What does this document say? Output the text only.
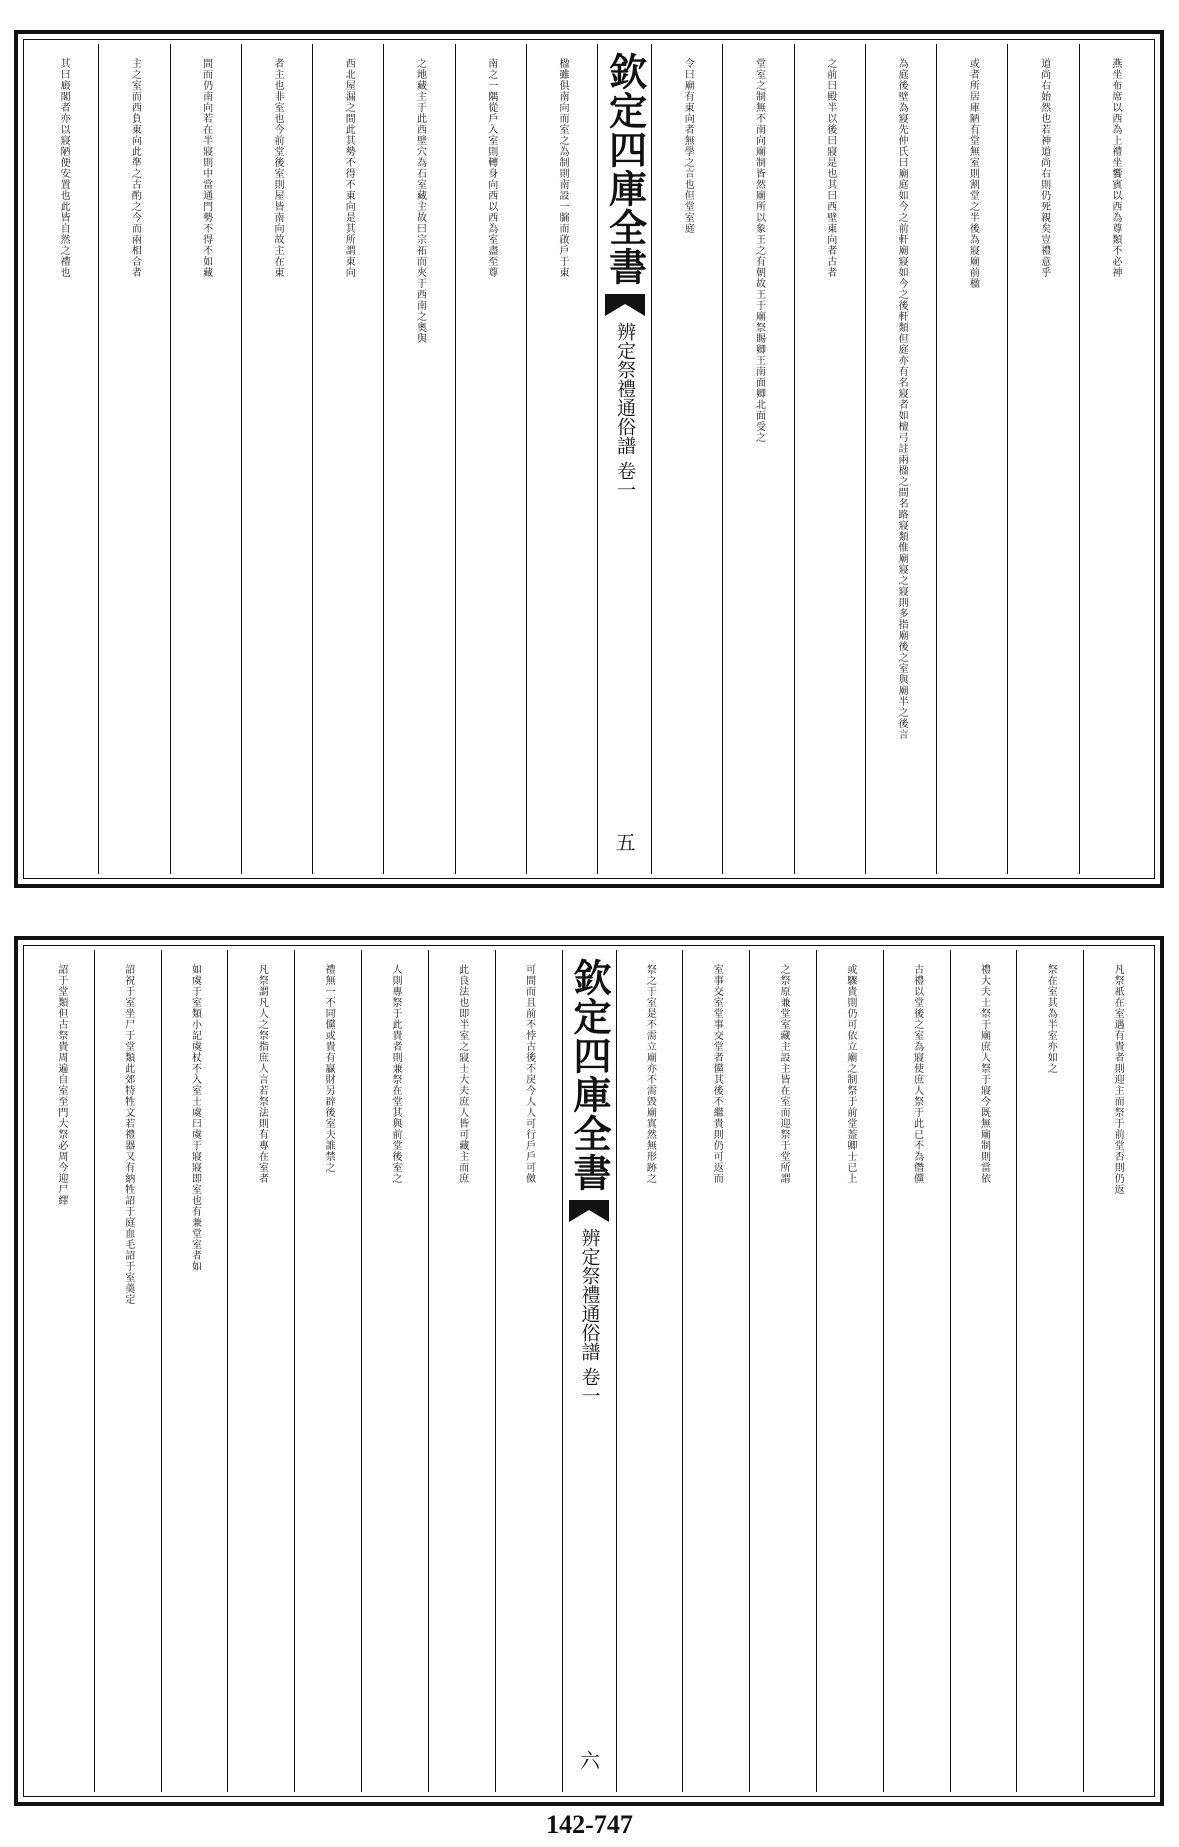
燕坐布席以西為上禮坐饗賓以西為尊類不必神
道尚右始然也若神道尚右則仍死親矣豈禮意乎
或者所居庫陋有堂無室則割堂之半後為寢廟前楹
為庭後壁為寢先仲氏曰廟庭如今之前軒廟寢如今之後軒類但庭亦有名寢者如檀弓註兩楹之間名路寢類惟廟寢之寢則多指廟後之室與廟半之後言
之前曰殿半以後曰寢是也其曰西壁東向者古者
堂室之制無不南向廟制皆然廟所以象王之有朝故王于廟祭賜卿王南面卿北面受之
令曰廟有東向者無學之言也但堂室庭
欽定四庫全書
辨定祭禮通俗譜
卷一
五
楹雖俱南向而室之為制則南設一牖而啟戶于東
南之一隅從戶入室則轉身向西以西為室盡至尊
之地藏主于此西壁穴為石室藏主故曰宗祏而夾于西南之奧與
西北屋漏之間此其勢不得不東向是其所謂東向
者主也非室也今前堂後室則屋皆南向故主在東
間而仍南向若在半寢則中當通門勢不得不如藏
主之室而西負東向此準之古酌之今而兩相合者
其曰廄閣者亦以寢陋便安置也此皆自然之禮也
凡祭祇在室遇有貴者則迎主而祭于前堂否則仍返
祭在室其為半室亦如之
禮大夫士祭于廟庶人祭于寢今既無廟制則當依
古禮以堂後之室為寢使庶人祭于此已不為僭儻
或驟貴則仍可依立廟之制祭于前堂葢卿士已上
之祭原兼堂室藏主設主皆在室而迎祭于堂所謂
室事交室堂事交堂者儻其後不繼貴則仍可返而
祭之于室是不需立廟亦不需毀廟寘然無形跡之
欽定四庫全書
辨定祭禮通俗譜
卷一
六
可間而且前不悖古後不戾今人人可行戶戶可傚
此良法也即半室之寢士大夫庶人皆可藏主而庶
人則專祭于此貴者則兼祭在堂其與前堂後室之
禮無一不同儻或貴有贏財另辟後室夫誰禁之
凡祭謂凡人之祭指庶人言若祭法則有專在室者
如虞于室類小記虞杖不入室士虞曰虞于寢寢即室也有兼堂室者如
詔祝于室坐尸于堂類此郊特牲文若禮器又有納牲詔于庭血毛詔于室羮定
詔于堂類但古祭貴周遍自室至門大祭必周今迎尸繹
142-747
